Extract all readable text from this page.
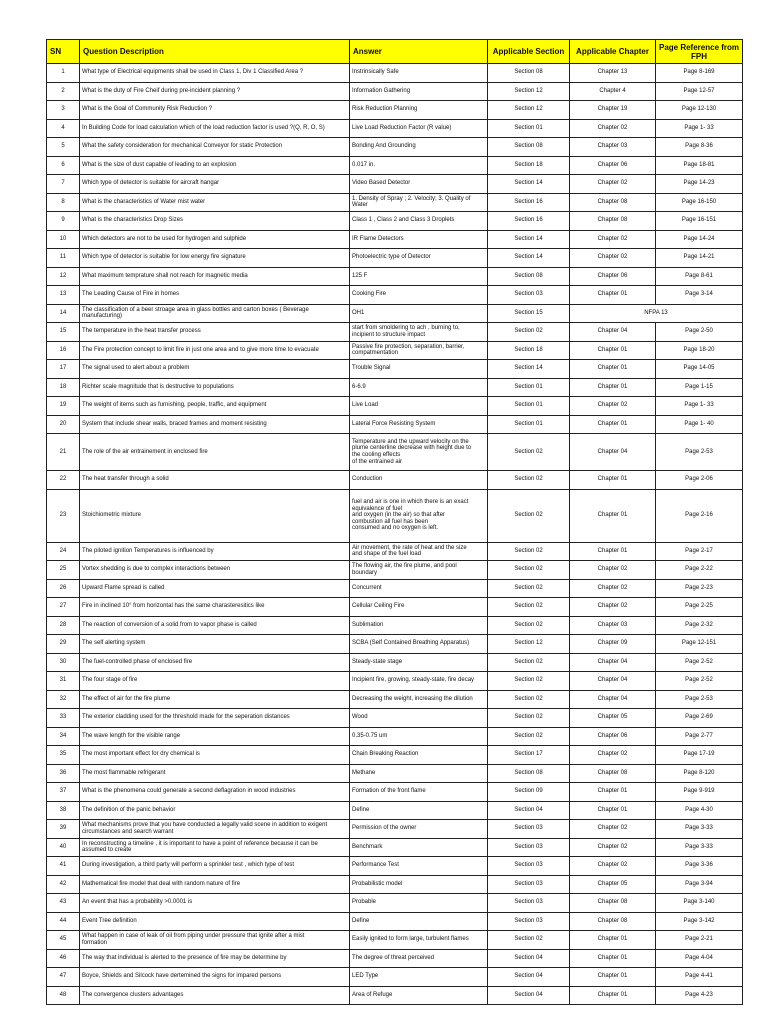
SN	Question Description	Answer	Applicable Section	Applicable Chapter	Page Reference from FPH
1	What type of Electrical equipments shall be used in Class 1, Div 1 Classified Area ?	Instrinsically Safe	Section 08	Chapter 13	Page 8-169
2	What is the duty of Fire Cheif during pre-incident planning ?	Information Gathering	Section 12	Chapter 4	Page 12-57
3	What is the Goal of Community Risk Reduction ?	Risk Reduction Planning	Section 12	Chapter 19	Page 12-130
4	In Building Code for load calculation which of the load reduction factor is used ?(Q, R, O, S)	Live Load Reduction Factor (R value)	Section 01	Chapter 02	Page 1- 33
5	What the safety consideration for mechanical Conveyor for static Protection	Bonding And Grounding	Section 08	Chapter 03	Page 8-36
6	What is the size of dust capable of leading to an explosion	0.017 in.	Section 18	Chapter 06	Page 18-81
7	Which type of detector is suitable for aircraft hangar	Video Based Detector	Section 14	Chapter 02	Page 14-23
8	What is the characteristics of Water mist water	1. Density of Spray ; 2. Velocity; 3. Quality of
Water	Section 16	Chapter 08	Page 16-150
9	What is the characteristics Drop Sizes	Class 1 , Class 2 and Class 3 Droplets	Section 16	Chapter 08	Page 16-151
10	Which detectors are not to be used for hydrogen and sulphide	IR Flame Detectors	Section 14	Chapter 02	Page 14-24
11	Which type of detector is suitable for low energy fire signature	Photoelectric type of Detector	Section 14	Chapter 02	Page 14-21
12	What maximum temprature shall not reach for magnetic media	125 F	Section 08	Chapter 06	Page 8-61
13	The Leading Cause of Fire in homes	Cooking Fire	Section 03	Chapter 01	Page 3-14
14	The classification of a beer stroage area in glass bottles and carton boxes ( Beverage
manufacturing)	OH1	Section 15	NFPA 13	
15	The temperature in the heat transfer process	start from smoldering to ach , burning to,
incipient to structure impact	Section 02	Chapter 04	Page 2-50
16	The Fire protection concept to limit fire in just one area and to give more time to evacuate	Passive fire protection, separation, barrier,
compatmentation	Section 18	Chapter 01	Page 18-20
17	The signal used to alert about a problem	Trouble Signal	Section 14	Chapter 01	Page 14-05
18	Richter scale magnitude that is destructive to populations	6-6.9	Section 01	Chapter 01	Page 1-15
19	The weight of items such as furnishing, people, traffic, and equipment	Live Load	Section 01	Chapter 02	Page 1- 33
20	System that include shear walls, braced frames and moment resisting	Lateral Force Resisting System	Section 01	Chapter 01	Page 1- 40
21	The role of the air entrainement in enclosed fire	Temperature and the upward velocity on the
plume centerline decrease with height due to
the cooling effects
of the entrained air	Section 02	Chapter 04	Page 2-53
22	The heat transfer through a solid	Conduction	Section 02	Chapter 01	Page 2-06
23	Stoichiometric mixture	fuel and air is one in which there is an exact
equivalence of fuel
and oxygen (in the air) so that after
combustion all fuel has been
consumed and no oxygen is left.	Section 02	Chapter 01	Page 2-16
24	The piloted ignition Temperatures is influenced by	Air movement, the rate of heat and the size
and shape of the fuel load	Section 02	Chapter 01	Page 2-17
25	Vortex shedding is due to complex interactions between	The flowing air, the fire plume, and pool
boundary	Section 02	Chapter 02	Page 2-22
26	Upward Flame spread is called	Concurrent	Section 02	Chapter 02	Page 2-23
27	Fire in inclined 10° from horizontal has the same charasteresitics like	Cellular Ceiling Fire	Section 02	Chapter 02	Page 2-25
28	The reaction of conversion of a solid from to vapor phase is called	Sublimation	Section 02	Chapter 03	Page 2-32
29	The self alerting system	SCBA (Self Contained Breathing Apparatus)	Section 12	Chapter 09	Page 12-151
30	The fuel-controlled phase of enclosed fire	Steady-state stage	Section 02	Chapter 04	Page 2-52
31	The four stage of fire	Incipient fire, growing, steady-state, fire decay	Section 02	Chapter 04	Page 2-52
32	The effect of air for the fire plume	Decreasing the weight, increasing the dilution	Section 02	Chapter 04	Page 2-53
33	The exterior cladding used for the threshold made for the seperation distances	Wood	Section 02	Chapter 05	Page 2-69
34	The wave length for the visible range	0.35-0.75 um	Section 02	Chapter 06	Page 2-77
35	The most important effect for dry chemical is	Chain Breaking Reaction	Section 17	Chapter 02	Page 17-19
36	The most flammable refrigerant	Methane	Section 08	Chapter 08	Page 8-120
37	What is the phenomena could generate a second deflagration in wood industries	Formation of the front flame	Section 09	Chapter 01	Page 9-919
38	The definition of the panic behavior	Define	Section 04	Chapter 01	Page 4-30
39	What mechanisms prove that you have conducted a legally valid scene in addition to exigent
circumstances and search warrant	Permission of the owner	Section 03	Chapter 02	Page 3-33
40	In reconstructing a timeline , it is important to have a point of reference because it can be
assumed to create	Benchmark	Section 03	Chapter 02	Page 3-33
41	During investigation, a third party will perform a sprinkler test , which type of test	Performance Test	Section 03	Chapter 02	Page 3-36
42	Mathematical fire model that deal with random nature of fire	Probabilistic model	Section 03	Chapter 05	Page 3-94
43	An event that has a probability >0.0001 is	Probable	Section 03	Chapter 08	Page 3-140
44	Event Tree definition	Define	Section 03	Chapter 08	Page 3-142
45	What happen in case of leak of oil from piping under pressure that ignite after a mist
formation	Easily ignited to form large, turbulent flames	Section 02	Chapter 01	Page 2-21
46	The way that individual is alerted to the presence of fire may be determine by	The degree of threat perceived	Section 04	Chapter 01	Page 4-04
47	Boyce, Shields and Silcock have dertemined the signs for impared persons	LED Type	Section 04	Chapter 01	Page 4-41
48	The convergence clusters advantages	Area of Refuge	Section 04	Chapter 01	Page 4-23
